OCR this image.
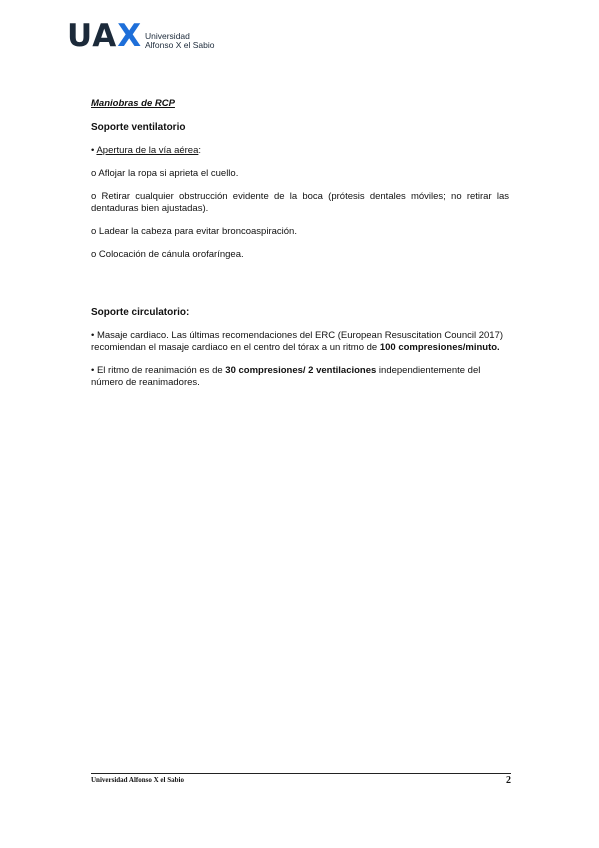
UAX Universidad
Alfonso X el Sabio

Maniobras de RCP

Soporte ventilatorio

• Apertura de la vía aérea:

o Aflojar la ropa si aprieta el cuello.

o Retirar cualquier obstrucción evidente de la boca (prótesis dentales móviles; no retirar las dentaduras bien ajustadas).

o Ladear la cabeza para evitar broncoaspiración.

o Colocación de cánula orofaríngea.

Soporte circulatorio:

• Masaje cardiaco. Las últimas recomendaciones del ERC (European Resuscitation Council 2017) recomiendan el masaje cardiaco en el centro del tórax a un ritmo de 100 compresiones/minuto.

• El ritmo de reanimación es de 30 compresiones/ 2 ventilaciones independientemente del número de reanimadores.

Universidad Alfonso X el Sabio	2
